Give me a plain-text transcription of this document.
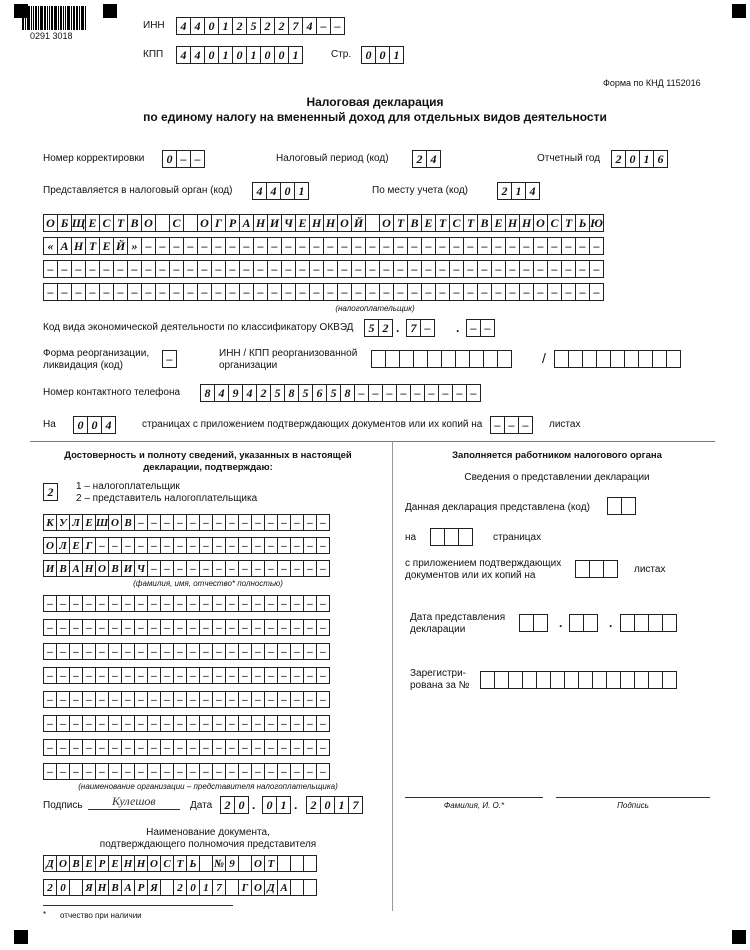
0291 3018
ИНН	4 4 0 1 2 5 2 2 7 4 – –
КПП	4 4 0 1 0 1 0 0 1	Стр.	0 0 1
Форма по КНД 1152016
Налоговая декларация
по единому налогу на вмененный доход для отдельных видов деятельности
Номер корректировки	0 – –	Налоговый период (код)	2 4	Отчетный год	2 0 1 6
Представляется в налоговый орган (код)	4 4 0 1	По месту учета (код)	2 1 4
О Б Щ Е С Т В О С О Г Р А Н И Ч Е Н Н О Й О Т В Е Т С Т В Е Н Н О С Т Ь Ю
« А Н Т Е Й » – – – – – – – – – – – – – – – – – – – – – – – – – – – – – – – – –
– – – – – – – – – – – – – – – – – – – – – – – – – – – – – – – – – – – – – – – –
– – – – – – – – – – – – – – – – – – – – – – – – – – – – – – – – – – – – – – – –
(налогоплательщик)
Код вида экономической деятельности по классификатору ОКВЭД	5 2 . 7 –	. – –
Форма реорганизации, ликвидация (код)	–	ИНН / КПП реорганизованной организации	/
Номер контактного телефона	8 4 9 4 2 5 8 5 6 5 8 – – – – – – – – –
На	0 0 4	страницах с приложением подтверждающих документов или их копий на	– – –	листах
Достоверность и полноту сведений, указанных в настоящей
декларации, подтверждаю:
2	1 – налогоплательщик
2 – представитель налогоплательщика
К У Л Е Ш О В – – – – – – – – – – – – – – –
О Л Е Г – – – – – – – – – – – – – – – – – –
И В А Н О В И Ч – – – – – – – – – – – – – –
(фамилия, имя, отчество* полностью)
– – – – – – – – – – – – – – – – – – – – – –
– – – – – – – – – – – – – – – – – – – – – –
– – – – – – – – – – – – – – – – – – – – – –
– – – – – – – – – – – – – – – – – – – – – –
– – – – – – – – – – – – – – – – – – – – – –
– – – – – – – – – – – – – – – – – – – – – –
– – – – – – – – – – – – – – – – – – – – – –
– – – – – – – – – – – – – – – – – – – – – –
(наименование организации – представителя налогоплательщика)
Подпись Кулешов	Дата	2 0 . 0 1 .	2 0 1 7
Наименование документа,
подтверждающего полномочия представителя
Д О В Е Р Е Н Н О С Т Ь	№ 9	О Т
2 0	Я Н В А Р Я	2 0 1 7	Г О Д А
* отчество при наличии
Заполняется работником налогового органа
Сведения о представлении декларации
Данная декларация представлена (код)
на	страницах
с приложением подтверждающих документов или их копий на
листах
Дата представления декларации	.	.
Зарегистри- рована за №
Фамилия, И. О.*	Подпись
